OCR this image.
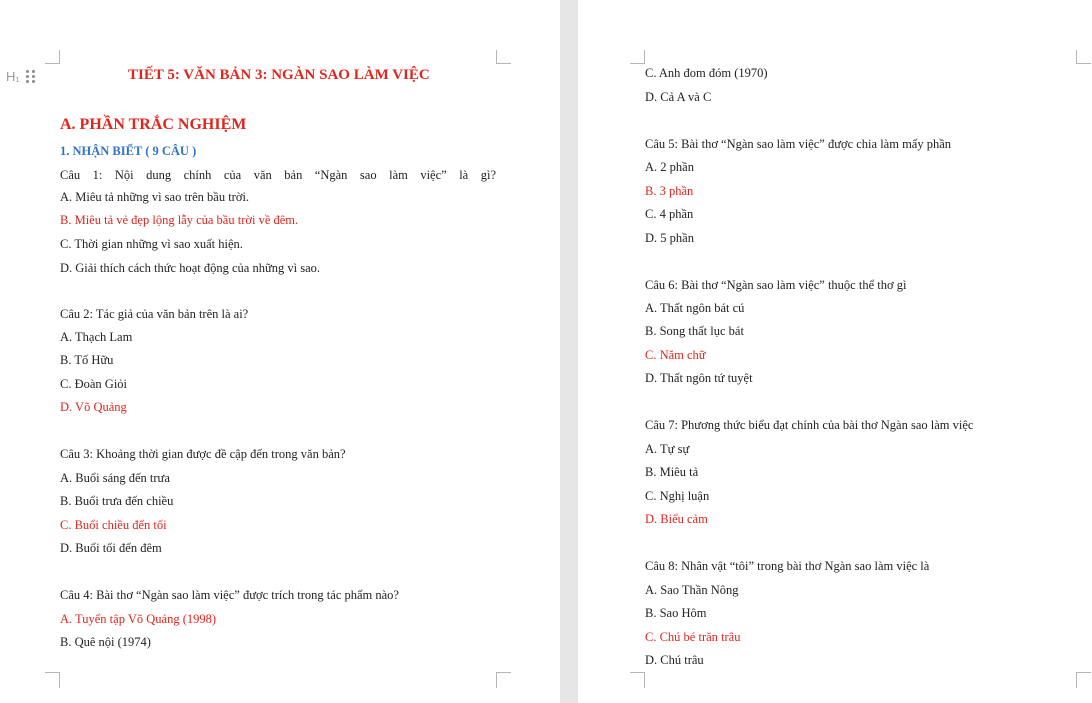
H₁	TIẾT 5: VĂN BẢN 3: NGÀN SAO LÀM VIỆC
A. PHẦN TRẮC NGHIỆM
1. NHẬN BIẾT ( 9 CÂU )
Câu 1: Nội dung chính của văn bản “Ngàn sao làm việc” là gì?
A. Miêu tả những vì sao trên bầu trời.
B. Miêu tả vẻ đẹp lộng lẫy của bầu trời về đêm.
C. Thời gian những vì sao xuất hiện.
D. Giải thích cách thức hoạt động của những vì sao.
Câu 2: Tác giả của văn bản trên là ai?
A. Thạch Lam
B. Tố Hữu
C. Đoàn Giỏi
D. Võ Quảng
Câu 3: Khoảng thời gian được đề cập đến trong văn bản?
A. Buổi sáng đến trưa
B. Buổi trưa đến chiều
C. Buổi chiều đến tối
D. Buổi tối đến đêm
Câu 4: Bài thơ “Ngàn sao làm việc” được trích trong tác phẩm nào?
A. Tuyển tập Võ Quảng (1998)
B. Quê nội (1974)
C. Anh đom đóm (1970)
D. Cả A và C
Câu 5: Bài thơ “Ngàn sao làm việc” được chia làm mấy phần
A. 2 phần
B. 3 phần
C. 4 phần
D. 5 phần
Câu 6: Bài thơ “Ngàn sao làm việc” thuộc thể thơ gì
A. Thất ngôn bát cú
B. Song thất lục bát
C. Năm chữ
D. Thất ngôn tứ tuyệt
Câu 7: Phương thức biểu đạt chính của bài thơ Ngàn sao làm việc
A. Tự sự
B. Miêu tả
C. Nghị luận
D. Biểu cảm
Câu 8: Nhân vật “tôi” trong bài thơ Ngàn sao làm việc là
A. Sao Thần Nông
B. Sao Hôm
C. Chú bé trăn trâu
D. Chú trâu
